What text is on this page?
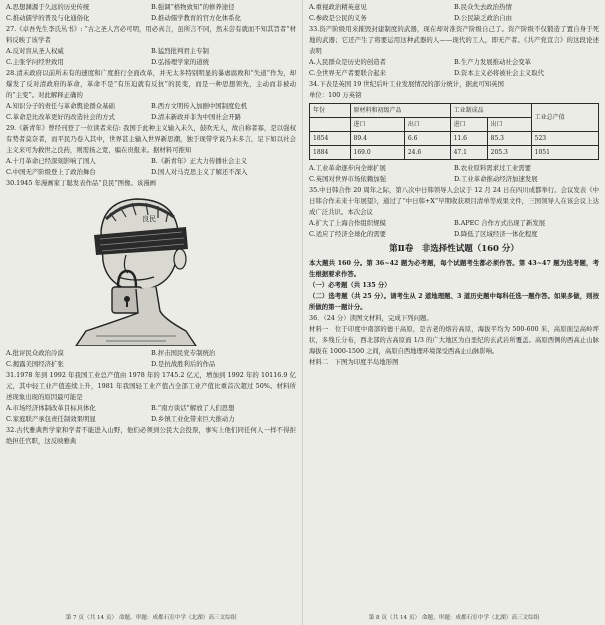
A.思想渊源于久远的历史传统	B.强调“格物致知”的修养途径
C.推动儒学的普及与化通俗化	D.推动儒学教育的官方化体系化
27.《卓吾先生李氏丛书》: “古之圣人宫必可明，用必真言，虽所言不同，然未尝有就而不知其旨者”材料反映了该学者
A.反对盲从圣人权威	B.猛烈批判君主专制
C.主张学问经世致用	D.弘扬理学家的道统
28.清末政府以前所未有的速度和广度推行全面改革，并无太多特别明显的暴虐腐败和“失道”作为，却爆发了反对清政府的革命，革命不是“有压迫就有反抗”的民变，而是一种思想领先，主动而非被动的“主变”。对此解释正确的
A.知识分子的责任与革命舆论群众基础	B.西方文明传入加剧中国制度危机
C.革命是比改革更好的改造社会的方式	D.清末新政并非为中国社会开路
29.《新青年》曾经刊登了一位读者来信: 我国于此种主义输入未久，鼓吹无人，故自称者寡，是以强权有势者莫奈者，而平民乃卷入其中，世界甚主输入世界新思潮，独于现带学说乃未多言，足下如以社会主义来可为救世之良药，则需扬之宽，编在贵报来。据材料可推知
A.十月革命已经深刻影响了国人	B.《新青年》正大力传播社会主义
C.中国无产阶级登上了政治舞台	D.国人对马克思主义了解还不深入
30.1945 年漫画家丁聪发表作品“良民”图像。该漫画
良民
A.批评民众政治冷漠	B.抨击国民党专制统治
C.揭露美国经济扩张	D.是抗战胜利后的作品
31.1978 年到 1992 年我国工业总产值由 1978 年的 1745.2 亿元，增加到 1992 年的 10116.9 亿元，其中轻工业产值连续上升，1981 年我国轻工业产值占全部工业产值比重首次超过 50%。材料所述现象出现的原因最可能是
A.市场经济体制改革目标具体化	B.“南方谈话”解放了人们思想
C.家庭联产承包责任制效果明显	D.乡镇工业化带来巨大推动力
32.古代雅典哲学家和学者不能进入山野，他们必须到公民大会投票，事实上他们同任何人一样不得拒绝担任官职，这反映雅典
第 7 页（共 14 页） 命题、审题：成都石室中学（北湖）高三文综组
A.重视政治精英意见	B.民众失去政治热情
C.参政是公民的义务	D.公民缺乏政治自由
33.资产阶级用来摧毁封建制度的武器，现在却对准资产阶级自己了。资产阶级不仅锻造了置自身于死地的武器；它还产生了将要运用这种武器的人——现代的工人，即无产者。《共产党宣言》的这段论述表明
A.人民群众是历史的创造者	B.生产力发展推动社会变革
C.全世界无产者要联合起来	D.资本主义必将被社会主义取代
34.下表是英国 19 世纪后叶工业发展情况的部分统计，据此可知英国
单位：100 万英镑
年份	原材料和初级产品		工业制成品		工业总产值
	进口	出口	进口	出口	
1854	89.4	6.6	11.6	85.3	523
1884	169.0	24.6	47.1	205.3	1051
A.工业革命逐步向全球扩展	B.农业原料需求过工业需要
C.英国对世界市场依赖加强	D.工业革命推动经济加速发展
35.中日韩合作 20 周年之际，第八次中日韩领导人会议于 12 月 24 日在四川成都举行。会议发表《中日韩合作未来十年展望》，通过了“中日韩+X”早期收获项目清单等成果文件，三国领导人在该会议上达成广泛共识。本次会议
A.扩大了上海合作组织规模	B.APEC 合作方式出现了新发展
C.适应了经济全球化的需要	D.降低了区域经济一体化程度
第Ⅱ卷　非选择性试题（160 分）
本大题共 160 分。第 36~42 题为必考题，每个试题考生都必须作答。第 43~47 题为选考题，考生根据要求作答。
（一）必考题（共 135 分）
（二）选考题（共 25 分）。请考生从 2 道地理题、3 道历史题中每科任选一题作答。如果多做，则按所做的第一题计分。
36．（24 分）读图文材料，完成下列问题。
材料一　位于印度中南部的德干高原，是古老的熔岩高原，海拔平均为 500-600 米，高原面呈高岭坪状，多残丘分布，西北部的古高原面 1/3 的广大地区为白垩纪的玄武岩所覆盖。高原西侧的西高止山脉海拔在 1000-1500 之间，高原自西地理环境深受西高止山脉影响。
材料二　下图为印度半岛地形图
第 8 页（共 14 页） 命题、审题：成都石室中学（北湖）高三文综组
